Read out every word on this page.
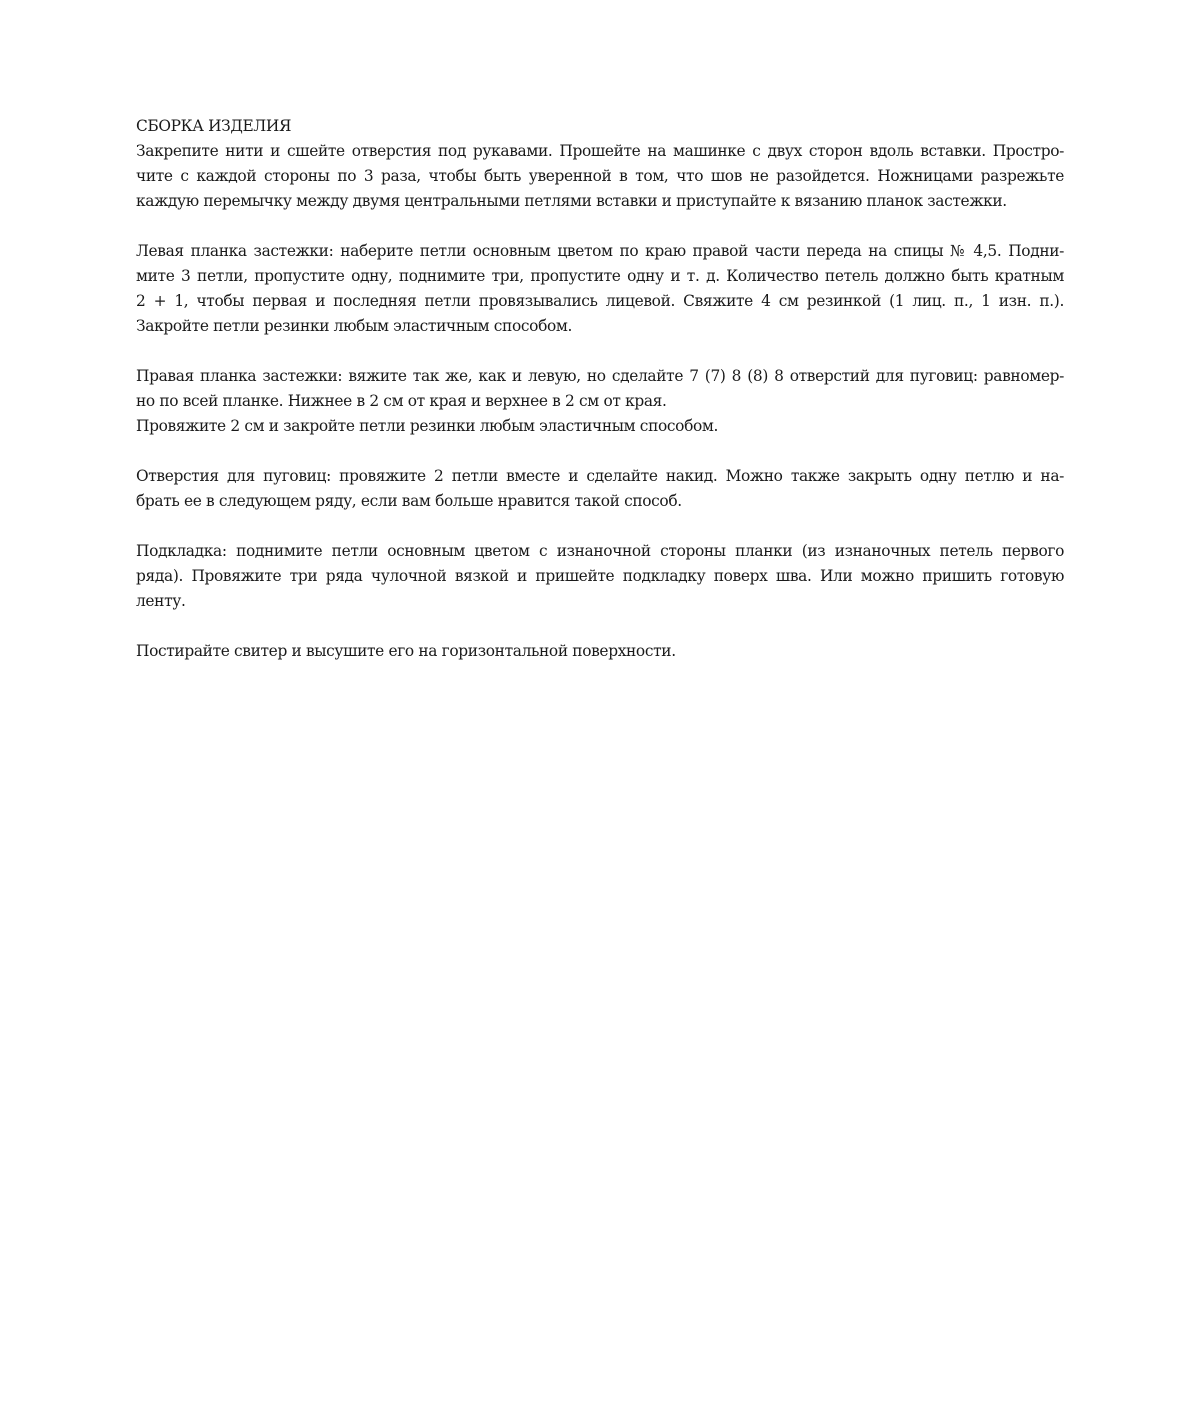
СБОРКА ИЗДЕЛИЯ
Закрепите нити и сшейте отверстия под рукавами. Прошейте на машинке с двух сторон вдоль вставки. Простро-
чите с каждой стороны по 3 раза, чтобы быть уверенной в том, что шов не разойдется. Ножницами разрежьте
каждую перемычку между двумя центральными петлями вставки и приступайте к вязанию планок застежки.
Левая планка застежки: наберите петли основным цветом по краю правой части переда на спицы № 4,5. Подни-
мите 3 петли, пропустите одну, поднимите три, пропустите одну и т. д. Количество петель должно быть кратным
2 + 1, чтобы первая и последняя петли провязывались лицевой. Свяжите 4 см резинкой (1 лиц. п., 1 изн. п.).
Закройте петли резинки любым эластичным способом.
Правая планка застежки: вяжите так же, как и левую, но сделайте 7 (7) 8 (8) 8 отверстий для пуговиц: равномер-
но по всей планке. Нижнее в 2 см от края и верхнее в 2 см от края.
Провяжите 2 см и закройте петли резинки любым эластичным способом.
Отверстия для пуговиц: провяжите 2 петли вместе и сделайте накид. Можно также закрыть одну петлю и на-
брать ее в следующем ряду, если вам больше нравится такой способ.
Подкладка: поднимите петли основным цветом с изнаночной стороны планки (из изнаночных петель первого
ряда). Провяжите три ряда чулочной вязкой и пришейте подкладку поверх шва. Или можно пришить готовую
ленту.
Постирайте свитер и высушите его на горизонтальной поверхности.
